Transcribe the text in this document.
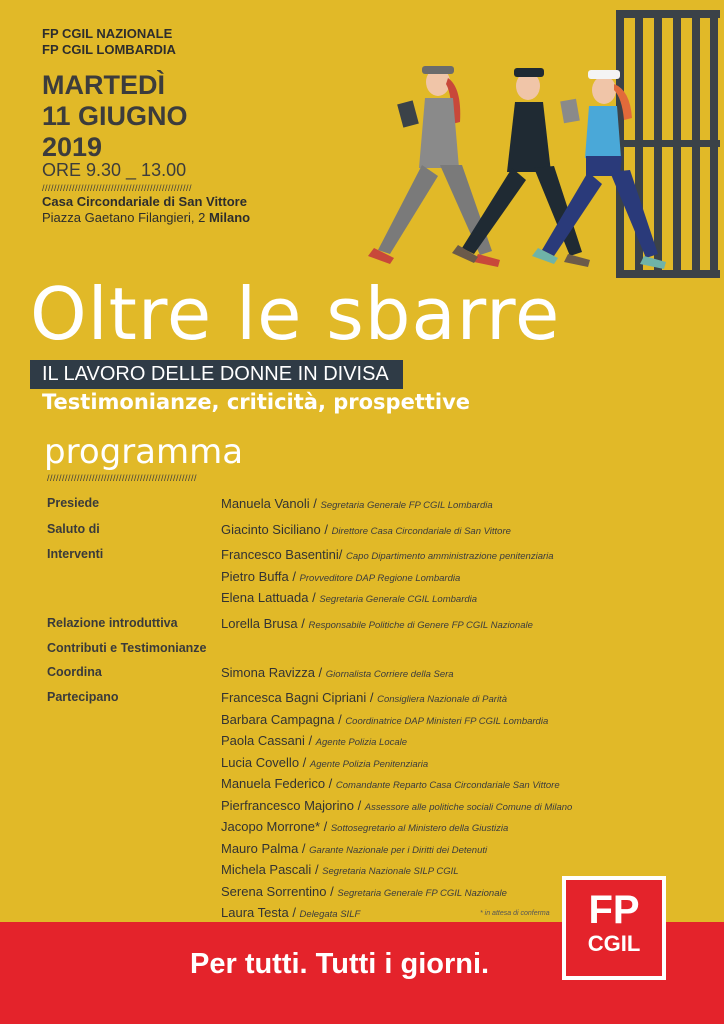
FP CGIL NAZIONALE
FP CGIL LOMBARDIA
MARTEDÌ
11 GIUGNO
2019
ORE 9.30 _ 13.00
//////////////////////////////////////////////////
Casa Circondariale di San Vittore
Piazza Gaetano Filangieri, 2 Milano
Oltre le sbarre
IL LAVORO DELLE DONNE IN DIVISA
Testimonianze, criticità, prospettive
programma
//////////////////////////////////////////////////
Presiede	Manuela Vanoli / Segretaria Generale FP CGIL Lombardia
Saluto di	Giacinto Siciliano / Direttore Casa Circondariale di San Vittore
Interventi	Francesco Basentini/ Capo Dipartimento amministrazione penitenziaria
Pietro Buffa / Provveditore DAP Regione Lombardia
Elena Lattuada / Segretaria Generale CGIL Lombardia
Relazione introduttiva	Lorella Brusa / Responsabile Politiche di Genere FP CGIL Nazionale
Contributi e Testimonianze
Coordina	Simona Ravizza / Giornalista Corriere della Sera
Partecipano	Francesca Bagni Cipriani / Consigliera Nazionale di Parità
Barbara Campagna / Coordinatrice DAP Ministeri FP CGIL Lombardia
Paola Cassani / Agente Polizia Locale
Lucia Covello / Agente Polizia Penitenziaria
Manuela Federico / Comandante Reparto Casa Circondariale San Vittore
Pierfrancesco Majorino / Assessore alle politiche sociali Comune di Milano
Jacopo Morrone* / Sottosegretario al Ministero della Giustizia
Mauro Palma / Garante Nazionale per i Diritti dei Detenuti
Michela Pascali / Segretaria Nazionale SILP CGIL
Serena Sorrentino / Segretaria Generale FP CGIL Nazionale
Laura Testa / Delegata SILF	* in attesa di conferma
Per tutti. Tutti i giorni.
FP
CGIL
